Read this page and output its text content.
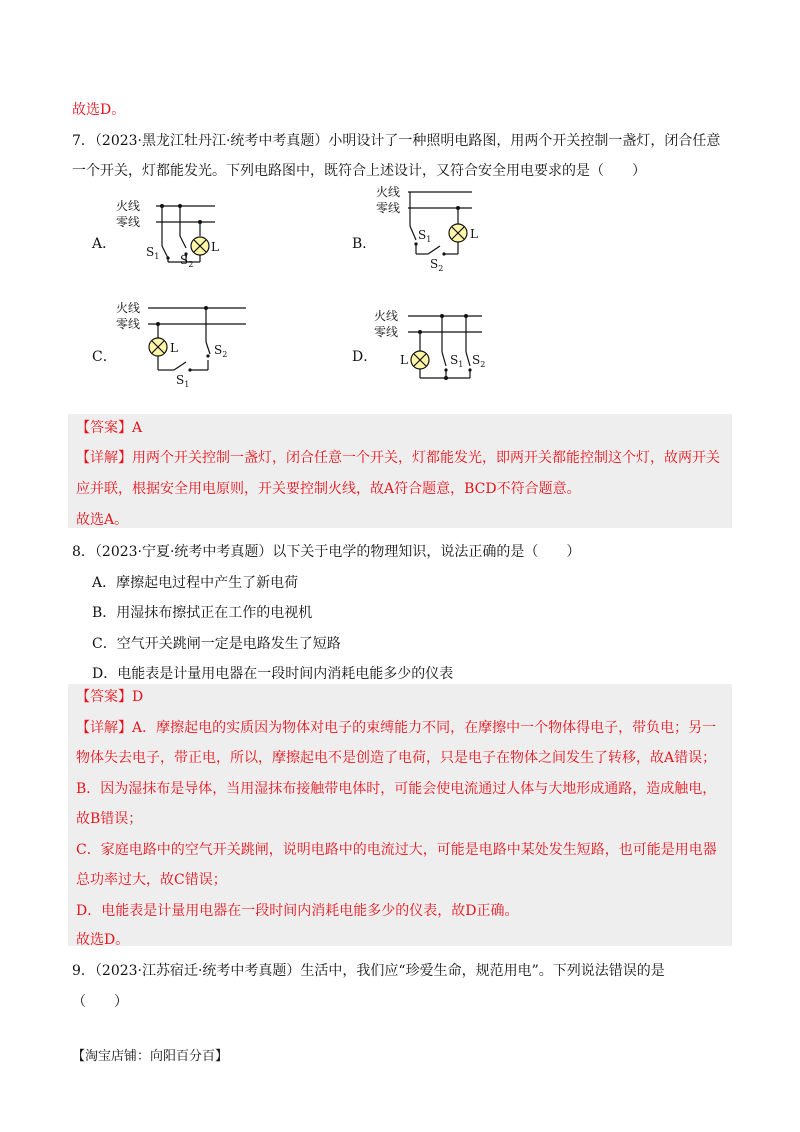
故选D。
7．（2023·黑龙江牡丹江·统考中考真题）小明设计了一种照明电路图，用两个开关控制一盏灯，闭合任意
一个开关，灯都能发光。下列电路图中，既符合上述设计，又符合安全用电要求的是（　　）
A．
火线
零线
L
$S_1$ $S_2$
B．
火线
零线
L
$S_1$
$S_2$
C．
火线
零线
L
$S_1$
$S_2$	D．
火线
零线
L	$S_1$ $S_2$
【答案】A
【详解】用两个开关控制一盏灯，闭合任意一个开关，灯都能发光，即两开关都能控制这个灯，故两开关
应并联，根据安全用电原则，开关要控制火线，故A符合题意，BCD不符合题意。
故选A。
8．（2023·宁夏·统考中考真题）以下关于电学的物理知识，说法正确的是（　　）
A．摩擦起电过程中产生了新电荷
B．用湿抹布擦拭正在工作的电视机
C．空气开关跳闸一定是电路发生了短路
D．电能表是计量用电器在一段时间内消耗电能多少的仪表
【答案】D
【详解】A．摩擦起电的实质因为物体对电子的束缚能力不同，在摩擦中一个物体得电子，带负电；另一
物体失去电子，带正电，所以，摩擦起电不是创造了电荷，只是电子在物体之间发生了转移，故A错误；
B．因为湿抹布是导体，当用湿抹布接触带电体时，可能会使电流通过人体与大地形成通路，造成触电，
故B错误；
C．家庭电路中的空气开关跳闸，说明电路中的电流过大，可能是电路中某处发生短路，也可能是用电器
总功率过大，故C错误；
D．电能表是计量用电器在一段时间内消耗电能多少的仪表，故D正确。
故选D。
9．（2023·江苏宿迁·统考中考真题）生活中，我们应“珍爱生命，规范用电”。下列说法错误的是
（　　）
【淘宝店铺：向阳百分百】
